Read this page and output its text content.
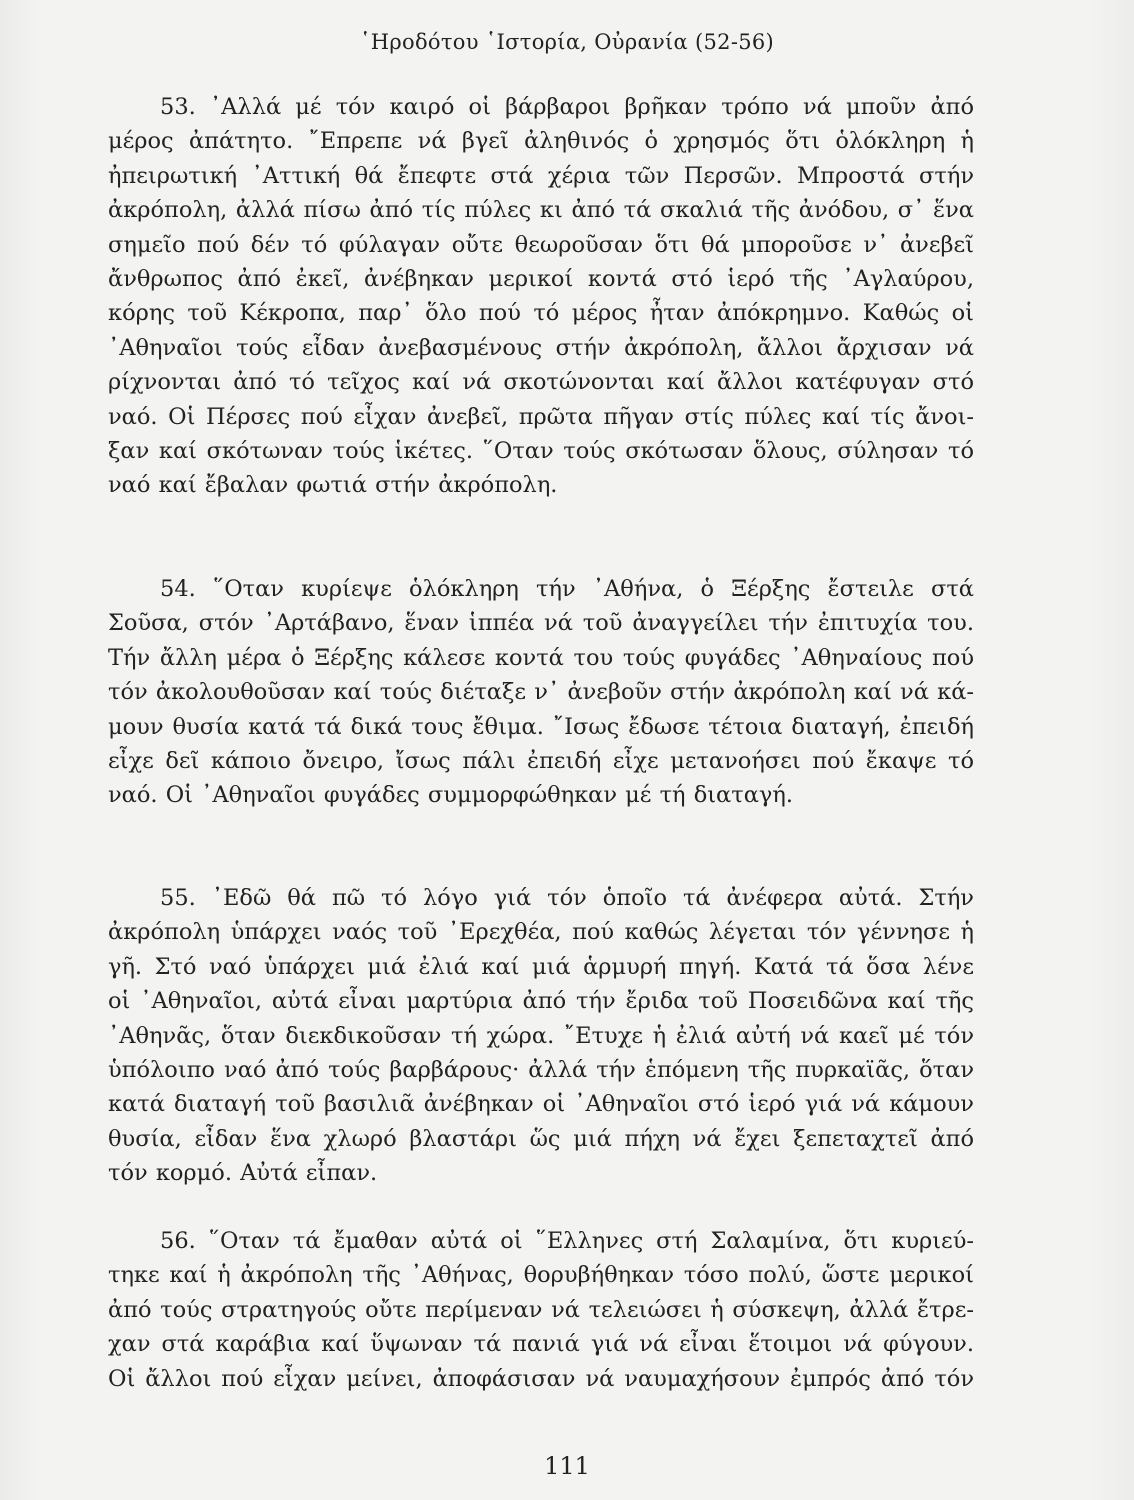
῾Ηροδότου ῾Ιστορία, Οὐρανία (52-56)
53. ᾿Αλλά μέ τόν καιρό οἱ βάρβαροι βρῆκαν τρόπο νά μποῦν ἀπό
μέρος ἀπάτητο. ῎Επρεπε νά βγεῖ ἀληθινός ὁ χρησμός ὅτι ὁλόκληρη ἡ
ἠπειρωτική ᾿Αττική θά ἔπεφτε στά χέρια τῶν Περσῶν. Μπροστά στήν
ἀκρόπολη, ἀλλά πίσω ἀπό τίς πύλες κι ἀπό τά σκαλιά τῆς ἀνόδου, σ᾿ ἕνα
σημεῖο πού δέν τό φύλαγαν οὔτε θεωροῦσαν ὅτι θά μποροῦσε ν᾿ ἀνεβεῖ
ἄνθρωπος ἀπό ἐκεῖ, ἀνέβηκαν μερικοί κοντά στό ἱερό τῆς ᾿Αγλαύρου,
κόρης τοῦ Κέκροπα, παρ᾿ ὅλο πού τό μέρος ἦταν ἀπόκρημνο. Καθώς οἱ
᾿Αθηναῖοι τούς εἶδαν ἀνεβασμένους στήν ἀκρόπολη, ἄλλοι ἄρχισαν νά
ρίχνονται ἀπό τό τεῖχος καί νά σκοτώνονται καί ἄλλοι κατέφυγαν στό
ναό. Οἱ Πέρσες πού εἶχαν ἀνεβεῖ, πρῶτα πῆγαν στίς πύλες καί τίς ἄνοι-
ξαν καί σκότωναν τούς ἱκέτες. ῞Οταν τούς σκότωσαν ὅλους, σύλησαν τό
ναό καί ἔβαλαν φωτιά στήν ἀκρόπολη.
54. ῞Οταν κυρίεψε ὁλόκληρη τήν ᾿Αθήνα, ὁ Ξέρξης ἔστειλε στά
Σοῦσα, στόν ᾿Αρτάβανο, ἕναν ἱππέα νά τοῦ ἀναγγείλει τήν ἐπιτυχία του.
Τήν ἄλλη μέρα ὁ Ξέρξης κάλεσε κοντά του τούς φυγάδες ᾿Αθηναίους πού
τόν ἀκολουθοῦσαν καί τούς διέταξε ν᾿ ἀνεβοῦν στήν ἀκρόπολη καί νά κά-
μουν θυσία κατά τά δικά τους ἔθιμα. ῎Ισως ἔδωσε τέτοια διαταγή, ἐπειδή
εἶχε δεῖ κάποιο ὄνειρο, ἴσως πάλι ἐπειδή εἶχε μετανοήσει πού ἔκαψε τό
ναό. Οἱ ᾿Αθηναῖοι φυγάδες συμμορφώθηκαν μέ τή διαταγή.
55. ᾿Εδῶ θά πῶ τό λόγο γιά τόν ὁποῖο τά ἀνέφερα αὐτά. Στήν
ἀκρόπολη ὑπάρχει ναός τοῦ ᾿Ερεχθέα, πού καθώς λέγεται τόν γέννησε ἡ
γῆ. Στό ναό ὑπάρχει μιά ἐλιά καί μιά ἁρμυρή πηγή. Κατά τά ὅσα λένε
οἱ ᾿Αθηναῖοι, αὐτά εἶναι μαρτύρια ἀπό τήν ἔριδα τοῦ Ποσειδῶνα καί τῆς
᾿Αθηνᾶς, ὅταν διεκδικοῦσαν τή χώρα. ῎Ετυχε ἡ ἐλιά αὐτή νά καεῖ μέ τόν
ὑπόλοιπο ναό ἀπό τούς βαρβάρους· ἀλλά τήν ἑπόμενη τῆς πυρκαϊᾶς, ὅταν
κατά διαταγή τοῦ βασιλιᾶ ἀνέβηκαν οἱ ᾿Αθηναῖοι στό ἱερό γιά νά κάμουν
θυσία, εἶδαν ἕνα χλωρό βλαστάρι ὥς μιά πήχη νά ἔχει ξεπεταχτεῖ ἀπό
τόν κορμό. Αὐτά εἶπαν.
56. ῞Οταν τά ἔμαθαν αὐτά οἱ ῞Ελληνες στή Σαλαμίνα, ὅτι κυριεύ-
τηκε καί ἡ ἀκρόπολη τῆς ᾿Αθήνας, θορυβήθηκαν τόσο πολύ, ὥστε μερικοί
ἀπό τούς στρατηγούς οὔτε περίμεναν νά τελειώσει ἡ σύσκεψη, ἀλλά ἔτρε-
χαν στά καράβια καί ὕψωναν τά πανιά γιά νά εἶναι ἕτοιμοι νά φύγουν.
Οἱ ἄλλοι πού εἶχαν μείνει, ἀποφάσισαν νά ναυμαχήσουν ἐμπρός ἀπό τόν
111
